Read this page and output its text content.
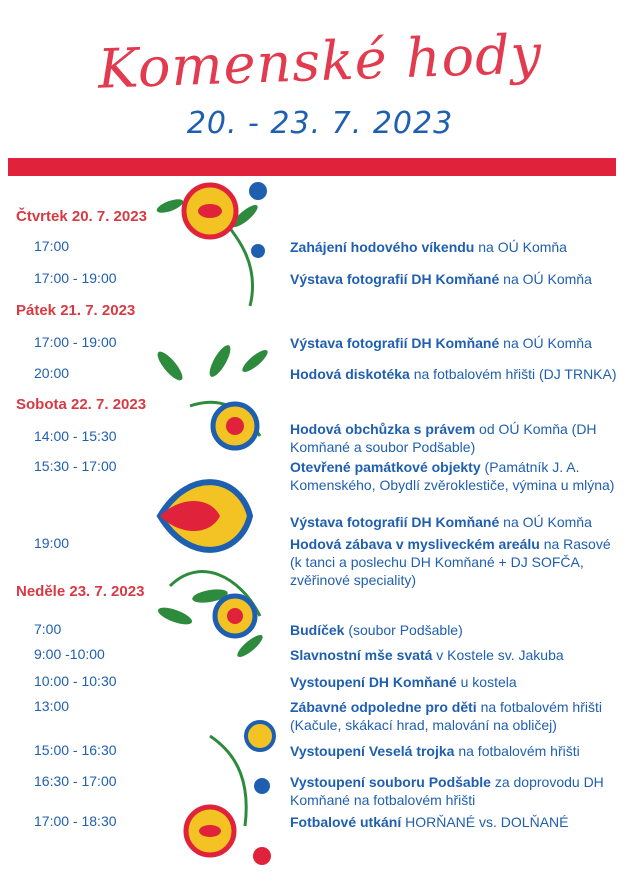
Komenské hody
20. - 23. 7. 2023
Čtvrtek 20. 7. 2023
17:00	Zahájení hodového víkendu na OÚ Komňa
17:00 - 19:00	Výstava fotografií DH Komňané na OÚ Komňa
Pátek 21. 7. 2023
17:00 - 19:00	Výstava fotografií DH Komňané na OÚ Komňa
20:00	Hodová diskotéka na fotbalovém hřišti (DJ TRNKA)
Sobota 22. 7. 2023
14:00 - 15:30	Hodová obchůzka s právem od OÚ Komňa (DH Komňané a soubor Podšable)
15:30 - 17:00	Otevřené památkové objekty (Památník J. A. Komenského, Obydlí zvěroklestiče, výmina u mlýna)
Výstava fotografií DH Komňané na OÚ Komňa
19:00	Hodová zábava v mysliveckém areálu na Rasové (k tanci a poslechu DH Komňané + DJ SOFČA, zvěřinové speciality)
Neděle 23. 7. 2023
7:00	Budíček (soubor Podšable)
9:00 -10:00	Slavnostní mše svatá v Kostele sv. Jakuba
10:00 - 10:30	Vystoupení DH Komňané u kostela
13:00	Zábavné odpoledne pro děti na fotbalovém hřišti (Kačule, skákací hrad, malování na obličej)
15:00 - 16:30	Vystoupení Veselá trojka na fotbalovém hřišti
16:30 - 17:00	Vystoupení souboru Podšable za doprovodu DH Komňané na fotbalovém hřišti
17:00 - 18:30	Fotbalové utkání HORŇANÉ vs. DOLŇANÉ
